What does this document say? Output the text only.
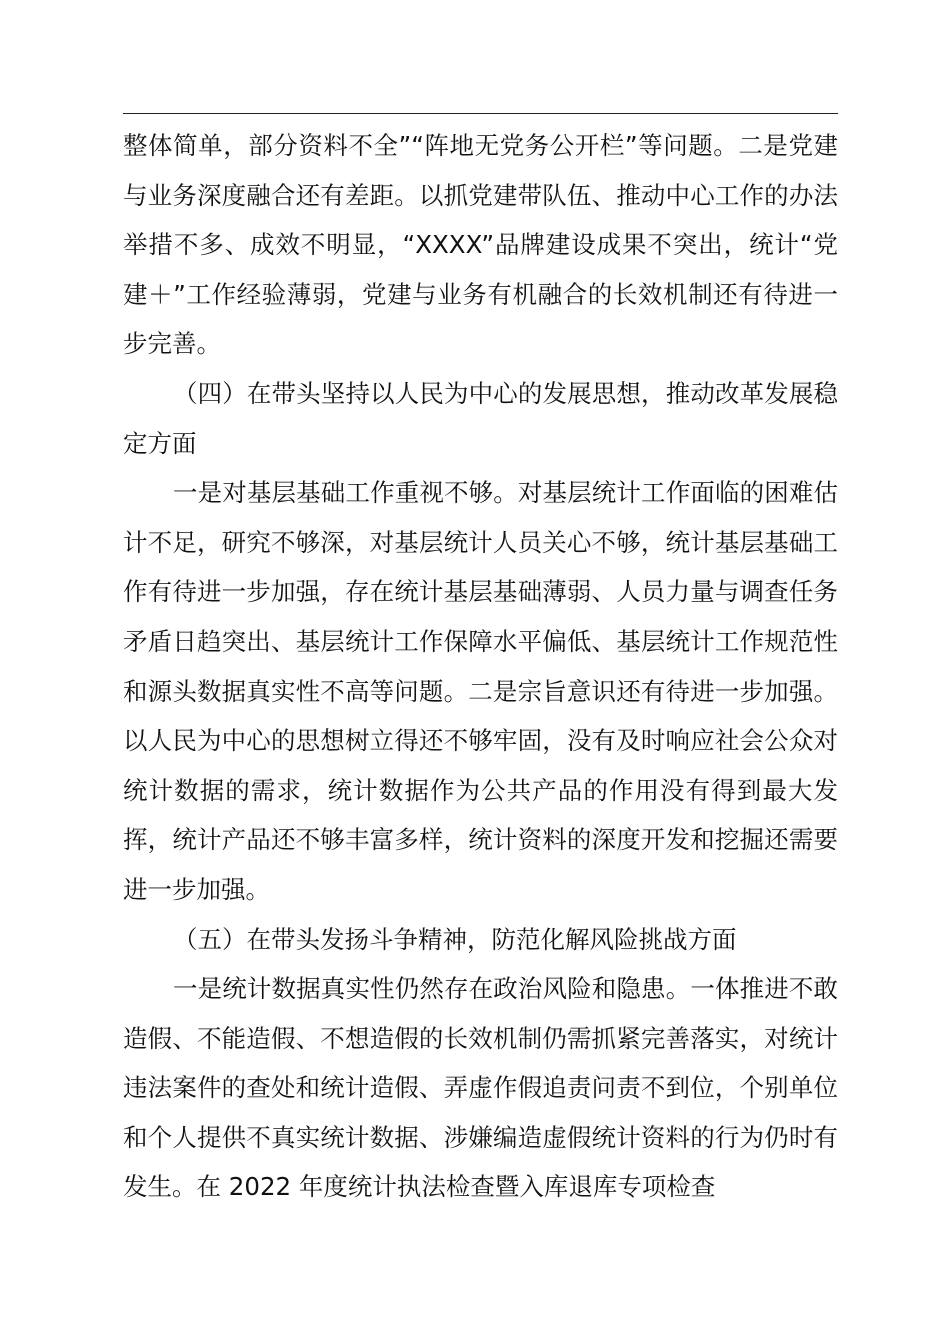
整体简单，部分资料不全”“阵地无党务公开栏”等问题。二是党建与业务深度融合还有差距。以抓党建带队伍、推动中心工作的办法举措不多、成效不明显，“XXXX”品牌建设成果不突出，统计“党建＋”工作经验薄弱，党建与业务有机融合的长效机制还有待进一步完善。

（四）在带头坚持以人民为中心的发展思想，推动改革发展稳定方面

一是对基层基础工作重视不够。对基层统计工作面临的困难估计不足，研究不够深，对基层统计人员关心不够，统计基层基础工作有待进一步加强，存在统计基层基础薄弱、人员力量与调查任务矛盾日趋突出、基层统计工作保障水平偏低、基层统计工作规范性和源头数据真实性不高等问题。二是宗旨意识还有待进一步加强。以人民为中心的思想树立得还不够牢固，没有及时响应社会公众对统计数据的需求，统计数据作为公共产品的作用没有得到最大发挥，统计产品还不够丰富多样，统计资料的深度开发和挖掘还需要进一步加强。

（五）在带头发扬斗争精神，防范化解风险挑战方面

一是统计数据真实性仍然存在政治风险和隐患。一体推进不敢造假、不能造假、不想造假的长效机制仍需抓紧完善落实，对统计违法案件的查处和统计造假、弄虚作假追责问责不到位，个别单位和个人提供不真实统计数据、涉嫌编造虚假统计资料的行为仍时有发生。在 2022 年度统计执法检查暨入库退库专项检查
